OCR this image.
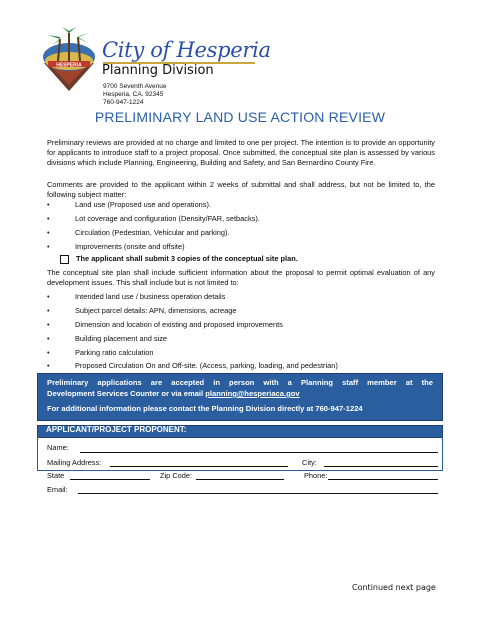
HESPERIA
City of Hesperia
Planning Division
9700 Seventh Avenue
Hesperia, CA. 92345
760-947-1224
PRELIMINARY LAND USE ACTION REVIEW
Preliminary reviews are provided at no charge and limited to one per project. The intention is to provide an opportunity for applicants to introduce staff to a project proposal. Once submitted, the conceptual site plan is assessed by various divisions which include Planning, Engineering, Building and Safety, and San Bernardino County Fire.
Comments are provided to the applicant within 2 weeks of submittal and shall address, but not be limited to, the following subject matter:
•	Land use (Proposed use and operations).
•	Lot coverage and configuration (Density/FAR, setbacks).
•	Circulation (Pedestrian, Vehicular and parking).
•	Improvements (onsite and offsite)
The applicant shall submit 3 copies of the conceptual site plan.
The conceptual site plan shall include sufficient information about the proposal to permit optimal evaluation of any development issues. This shall include but is not limited to:
•	Intended land use / business operation details
•	Subject parcel details: APN, dimensions, acreage
•	Dimension and location of existing and proposed improvements
•	Building placement and size
•	Parking ratio calculation
•	Proposed Circulation On and Off-site. (Access, parking, loading, and pedestrian)
Preliminary applications are accepted in person with a Planning staff member at the
Development Services Counter or via email planning@hesperiaca.gov
For additional information please contact the Planning Division directly at 760-947-1224
APPLICANT/PROJECT PROPONENT:
Name:
Mailing Address:	City:
State	Zip Code:	Phone:
Email:
Continued next page
